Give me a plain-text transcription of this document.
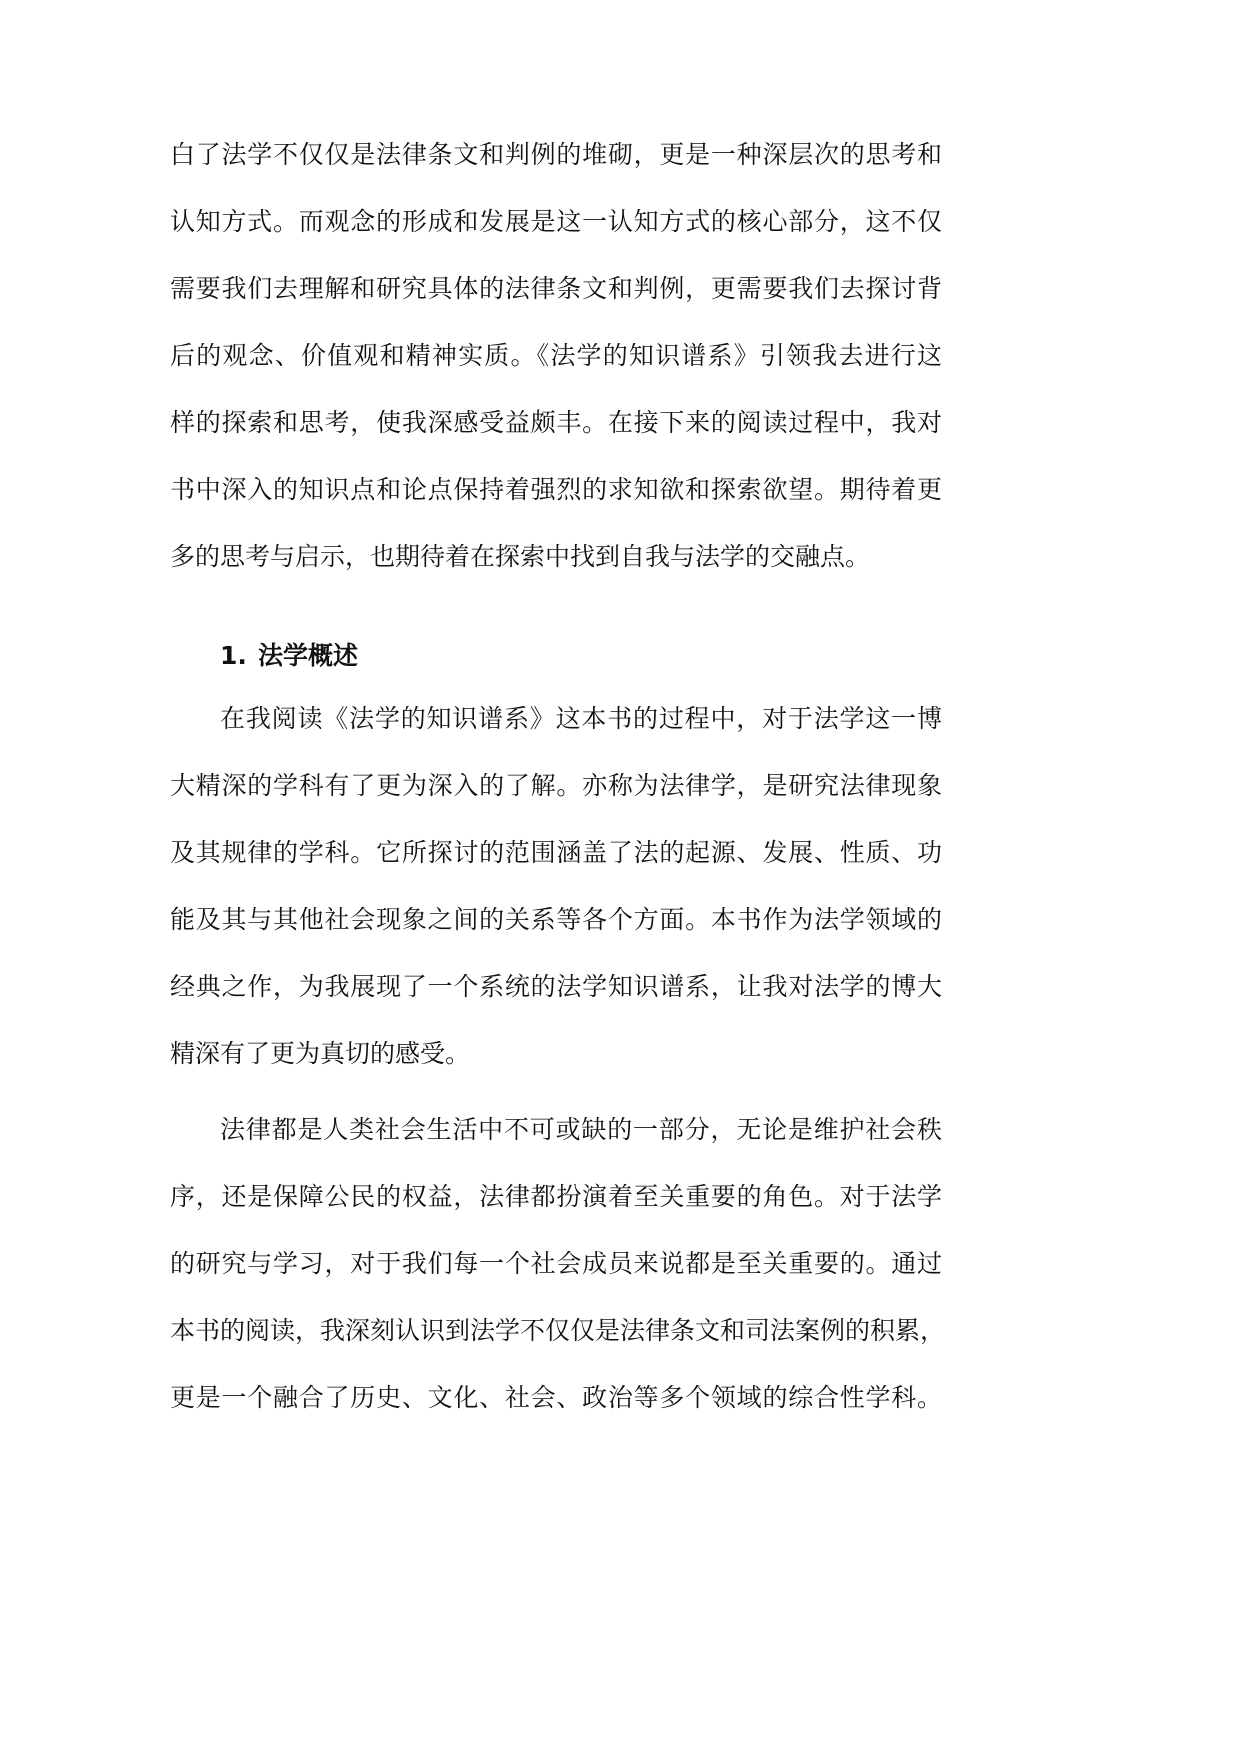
白了法学不仅仅是法律条文和判例的堆砌，更是一种深层次的思考和
认知方式。而观念的形成和发展是这一认知方式的核心部分，这不仅
需要我们去理解和研究具体的法律条文和判例，更需要我们去探讨背
后的观念、价值观和精神实质。《法学的知识谱系》引领我去进行这
样的探索和思考，使我深感受益颇丰。在接下来的阅读过程中，我对
书中深入的知识点和论点保持着强烈的求知欲和探索欲望。期待着更
多的思考与启示，也期待着在探索中找到自我与法学的交融点。
1. 法学概述
在我阅读《法学的知识谱系》这本书的过程中，对于法学这一博
大精深的学科有了更为深入的了解。亦称为法律学，是研究法律现象
及其规律的学科。它所探讨的范围涵盖了法的起源、发展、性质、功
能及其与其他社会现象之间的关系等各个方面。本书作为法学领域的
经典之作，为我展现了一个系统的法学知识谱系，让我对法学的博大
精深有了更为真切的感受。
法律都是人类社会生活中不可或缺的一部分，无论是维护社会秩
序，还是保障公民的权益，法律都扮演着至关重要的角色。对于法学
的研究与学习，对于我们每一个社会成员来说都是至关重要的。通过
本书的阅读，我深刻认识到法学不仅仅是法律条文和司法案例的积累，
更是一个融合了历史、文化、社会、政治等多个领域的综合性学科。
